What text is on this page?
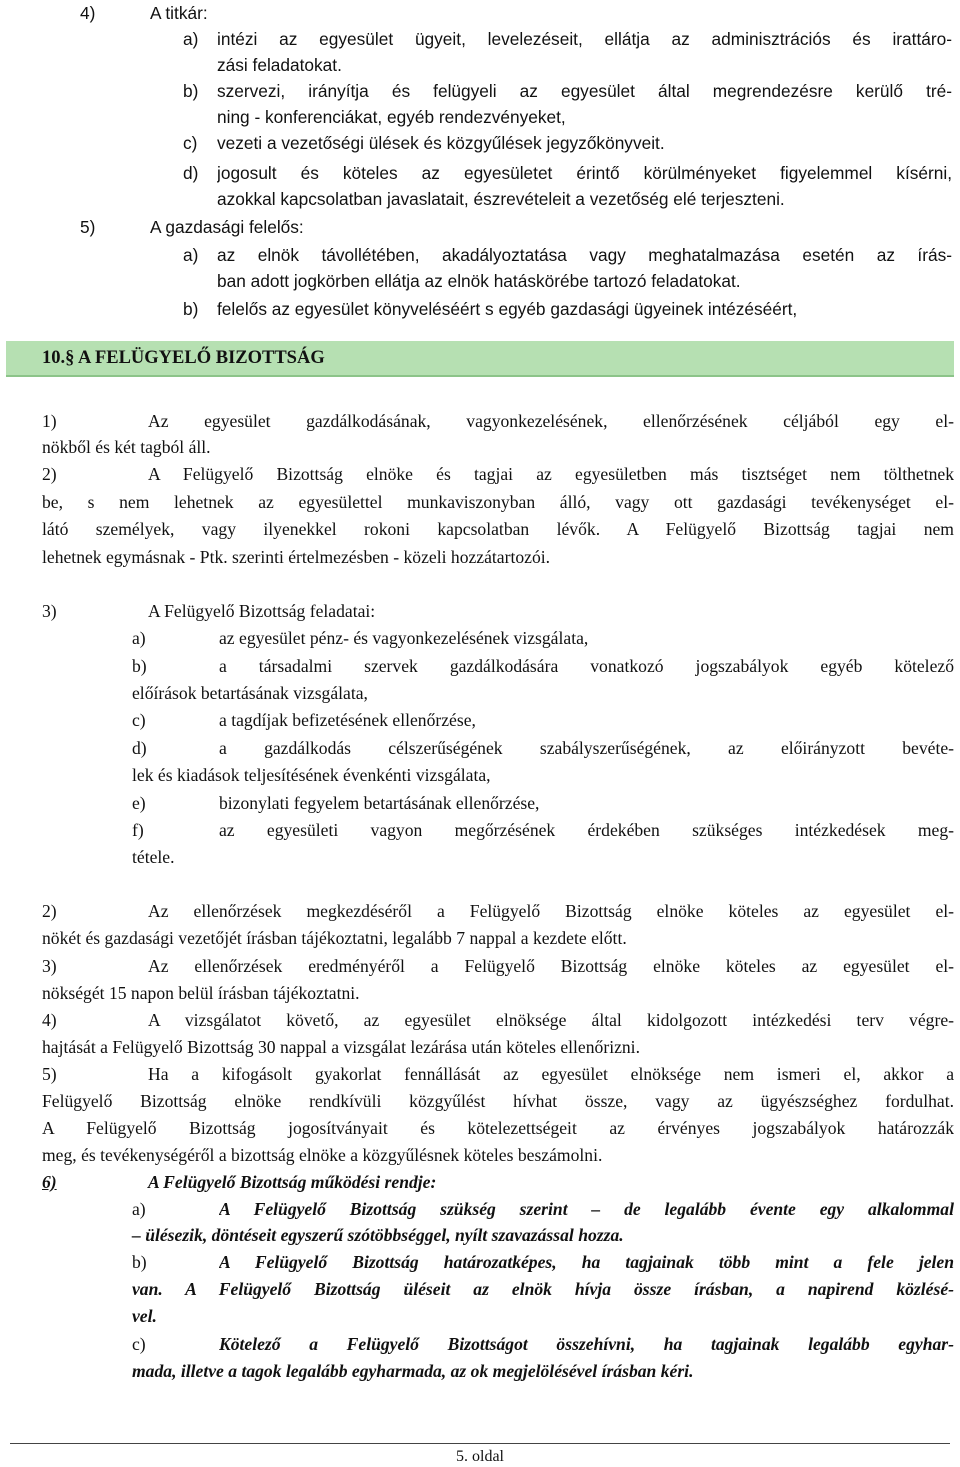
4)	A titkár:
a) intézi az egyesület ügyeit, levelezéseit, ellátja az adminisztrációs és irattáro-
zási feladatokat.
b) szervezi, irányítja és felügyeli az egyesület által megrendezésre kerülő tré-
ning - konferenciákat, egyéb rendezvényeket,
c) vezeti a vezetőségi ülések és közgyűlések jegyzőkönyveit.
d) jogosult és köteles az egyesületet érintő körülményeket figyelemmel kísérni,
azokkal kapcsolatban javaslatait, észrevételeit a vezetőség elé terjeszteni.
5)	A gazdasági felelős:
a) az elnök távollétében, akadályoztatása vagy meghatalmazása esetén az írás-
ban adott jogkörben ellátja az elnök hatáskörébe tartozó feladatokat.
b) felelős az egyesület könyveléséért s egyéb gazdasági ügyeinek intézéséért,
10.§ A FELÜGYELŐ BIZOTTSÁG
1)	Az egyesület gazdálkodásának, vagyonkezelésének, ellenőrzésének céljából egy el-
nökből és két tagból áll.
2)	A Felügyelő Bizottság elnöke és tagjai az egyesületben más tisztséget nem tölthetnek
be, s nem lehetnek az egyesülettel munkaviszonyban álló, vagy ott gazdasági tevékenységet el-
látó személyek, vagy ilyenekkel rokoni kapcsolatban lévők. A Felügyelő Bizottság tagjai nem
lehetnek egymásnak - Ptk. szerinti értelmezésben - közeli hozzátartozói.
3)	A Felügyelő Bizottság feladatai:
a)	az egyesület pénz- és vagyonkezelésének vizsgálata,
b)	a társadalmi szervek gazdálkodására vonatkozó jogszabályok egyéb kötelező
előírások betartásának vizsgálata,
c)	a tagdíjak befizetésének ellenőrzése,
d)	a gazdálkodás célszerűségének szabályszerűségének, az előirányzott bevéte-
lek és kiadások teljesítésének évenkénti vizsgálata,
e)	bizonylati fegyelem betartásának ellenőrzése,
f)	az egyesületi vagyon megőrzésének érdekében szükséges intézkedések meg-
tétele.
2)	Az ellenőrzések megkezdéséről a Felügyelő Bizottság elnöke köteles az egyesület el-
nökét és gazdasági vezetőjét írásban tájékoztatni, legalább 7 nappal a kezdete előtt.
3)	Az ellenőrzések eredményéről a Felügyelő Bizottság elnöke köteles az egyesület el-
nökségét 15 napon belül írásban tájékoztatni.
4)	A vizsgálatot követő, az egyesület elnöksége által kidolgozott intézkedési terv végre-
hajtását a Felügyelő Bizottság 30 nappal a vizsgálat lezárása után köteles ellenőrizni.
5)	Ha a kifogásolt gyakorlat fennállását az egyesület elnöksége nem ismeri el, akkor a
Felügyelő Bizottság elnöke rendkívüli közgyűlést hívhat össze, vagy az ügyészséghez fordulhat.
A Felügyelő Bizottság jogosítványait és kötelezettségeit az érvényes jogszabályok határozzák
meg, és tevékenységéről a bizottság elnöke a közgyűlésnek köteles beszámolni.
6)	A Felügyelő Bizottság működési rendje:
a)	A Felügyelő Bizottság szükség szerint – de legalább évente egy alkalommal
– ülésezik, döntéseit egyszerű szótöbbséggel, nyílt szavazással hozza.
b)	A Felügyelő Bizottság határozatképes, ha tagjainak több mint a fele jelen
van. A Felügyelő Bizottság üléseit az elnök hívja össze írásban, a napirend közlésé-
vel.
c)	Kötelező a Felügyelő Bizottságot összehívni, ha tagjainak legalább egyhar-
mada, illetve a tagok legalább egyharmada, az ok megjelölésével írásban kéri.
5. oldal
